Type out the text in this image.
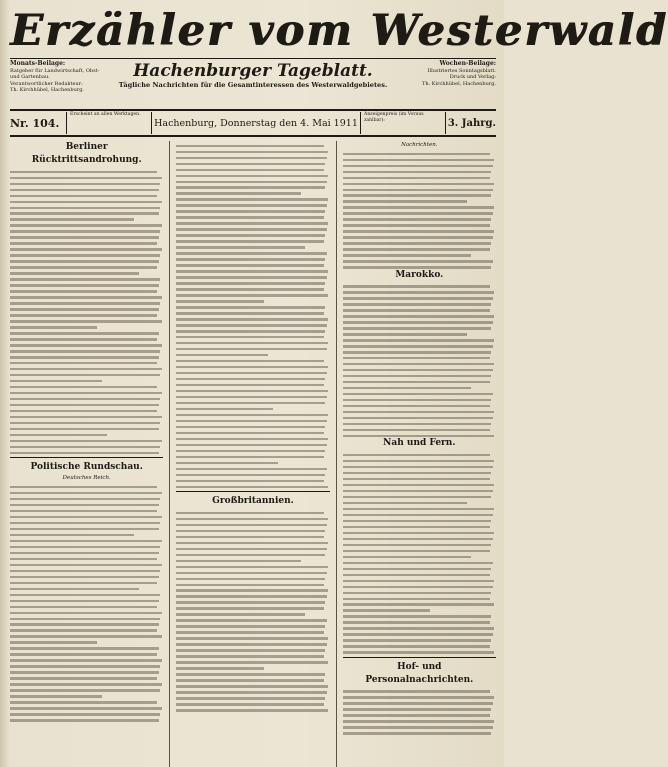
Erzähler vom Westerwald
Monats-Beilage:
Ratgeber für Landwirtschaft, Obst- und Gartenbau.
Verantwortlicher Redakteur:
Th. Kirchhübel, Hachenburg.
Hachenburger Tageblatt.
Tägliche Nachrichten für die Gesamtinteressen des Westerwaldgebietes.
Wochen-Beilage:
Illustriertes Sonntagsblatt.
Druck und Verlag:
Th. Kirchhübel, Hachenburg.
Nr. 104.
Erscheint an allen Werktagen.
Hachenburg, Donnerstag den 4. Mai 1911
Anzeigenpreis (im Voraus zahlbar):	3. Jahrg.
Berliner Rücktrittsandrohung.
Politische Rundschau.
Deutsches Reich.
Großbritannien.
Nachrichten.
Marokko.
Nah und Fern.
Hof- und Personalnachrichten.
